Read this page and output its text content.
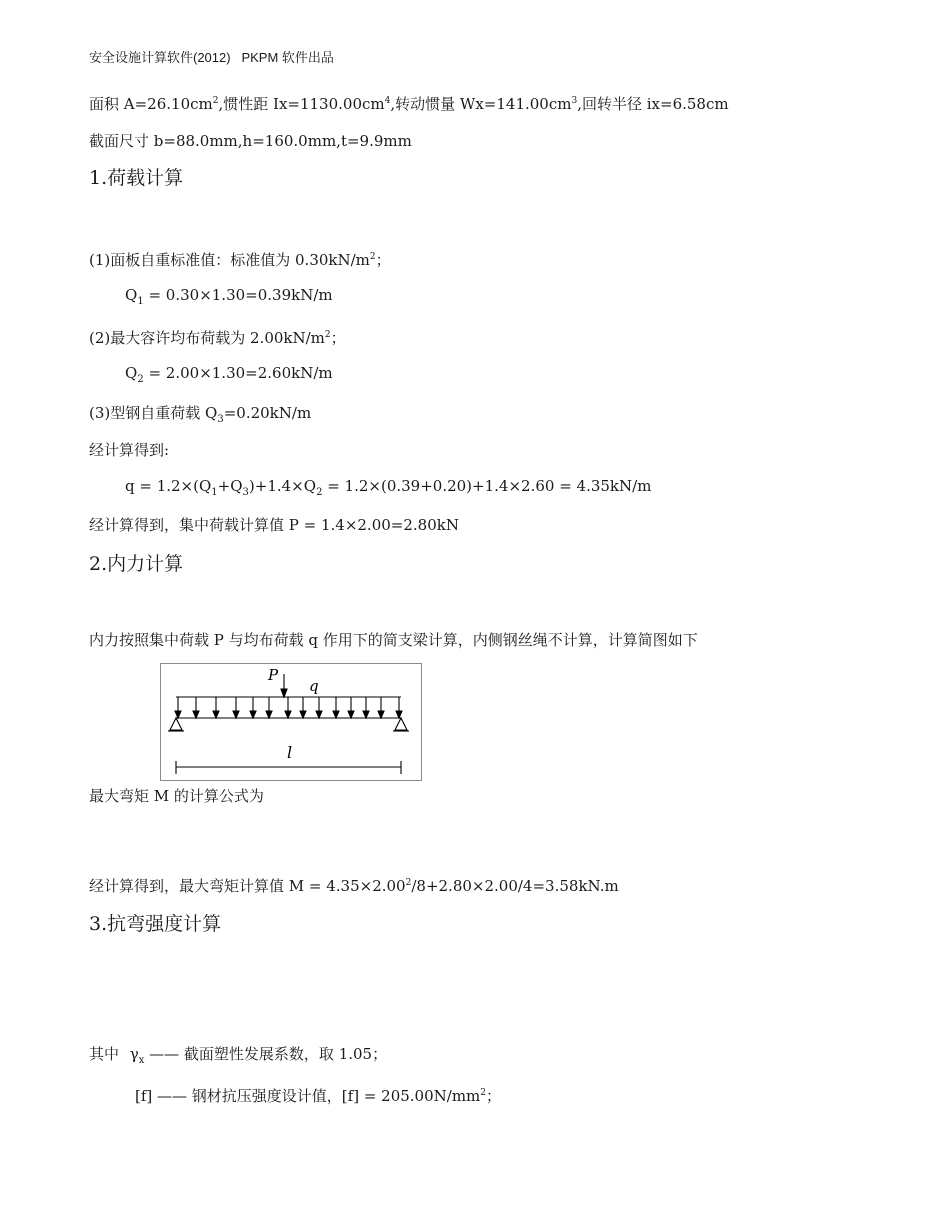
安全设施计算软件(2012) PKPM 软件出品
面积 $A=26.10cm^2$,惯性距 $Ix=1130.00cm^4$,转动惯量 $Wx=141.00cm^3$,回转半径 ix=6.58cm
截面尺寸 b=88.0mm,h=160.0mm,t=9.9mm
1.荷载计算
(1)面板自重标准值：标准值为 $0.30kN/m^2$；
$Q_1 = 0.30\times 1.30=0.39kN/m$
(2)最大容许均布荷载为 $2.00kN/m^2$；
$Q_2 = 2.00\times 1.30=2.60kN/m$
(3)型钢自重荷载 $Q_3=0.20kN/m$
经计算得到:
$q = 1.2\times(Q_1+Q_3)+1.4\times Q_2 = 1.2\times(0.39+0.20)+1.4\times 2.60 = 4.35kN/m$
经计算得到，集中荷载计算值 P = 1.4×2.00=2.80kN
2.内力计算
内力按照集中荷载 P 与均布荷载 q 作用下的简支梁计算，内侧钢丝绳不计算，计算简图如下
P
q
l
最大弯矩 M 的计算公式为
经计算得到，最大弯矩计算值 $M = 4.35\times 2.00^2/8+2.80\times 2.00/4=3.58kN.m$
3.抗弯强度计算
其中 $\gamma_x$ —— 截面塑性发展系数，取 1.05；
[f] —— 钢材抗压强度设计值，$[f] = 205.00N/mm^2$；
